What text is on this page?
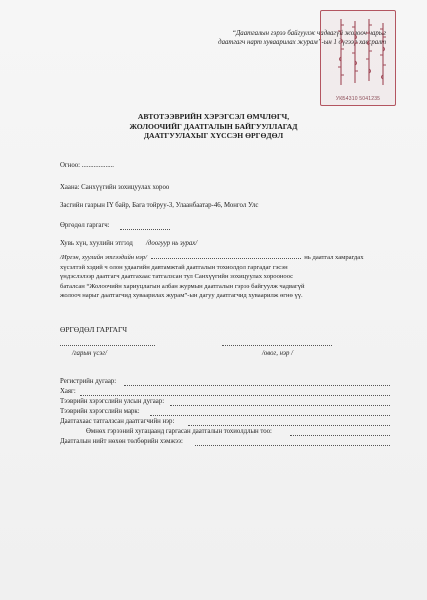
“Даатгалын гэрээ байгуулж чадвагүй жолооч нарыг
даатгагч нарт хуваарилах журам”-ын 1 дүгээр хавсралт
УКБ4310 5041235
АВТОТЭЭВРИЙН ХЭРЭГСЭЛ ӨМЧЛӨГЧ,
ЖОЛООЧИЙГ ДААТГАЛЫН БАЙГУУЛЛАГАД
ДААТГУУЛАХЫГ ХҮССЭН ӨРГӨДӨЛ
Огноо: ...................
Хаана: Санхүүгийн зохицуулах хороо
Засгийн газрын IY байр, Бага тойруу-3, Улаанбаатар-46, Монгол Улс
Өргөдөл гаргагч:
Хувь хүн, хуулийн этгээд /доогуур нь зурах/
/Иргэн, хуулийн этгээдийн нэр/	нь даатгал хамрагдах
хүсэлтэй хэдий ч олон удаагийн давтамжтай даатгалын тохиолдол гаргадаг гэсэн
үндэслэлээр даатгагч даатгахаас татгалзсан тул Санхүүгийн зохицуулах хорооноос
баталсан “Жолоочийн хариуцлагын албан журмын даатгалын гэрээ байгуулж чадвагүй
жолооч нарыг даатгагчид хуваарилах журам”-ын дагуу даатгагчид хуваарилж өгнө үү.
ӨРГӨДӨЛ ГАРГАГЧ
/гарын үсэг/	/овог, нэр /
Регистрийн дугаар:
Хаяг:
Тээврийн хэрэгслийн улсын дугаар:
Тээврийн хэрэгслийн марк:
Даатгахаас татгалзсан даатгагчийн нэр:
Өмнөх гэрээний хугацаанд гаргасан даатгалын тохиолдлын тоо:
Даатгалын нийт нөхөн төлбөрийн хэмжээ:
